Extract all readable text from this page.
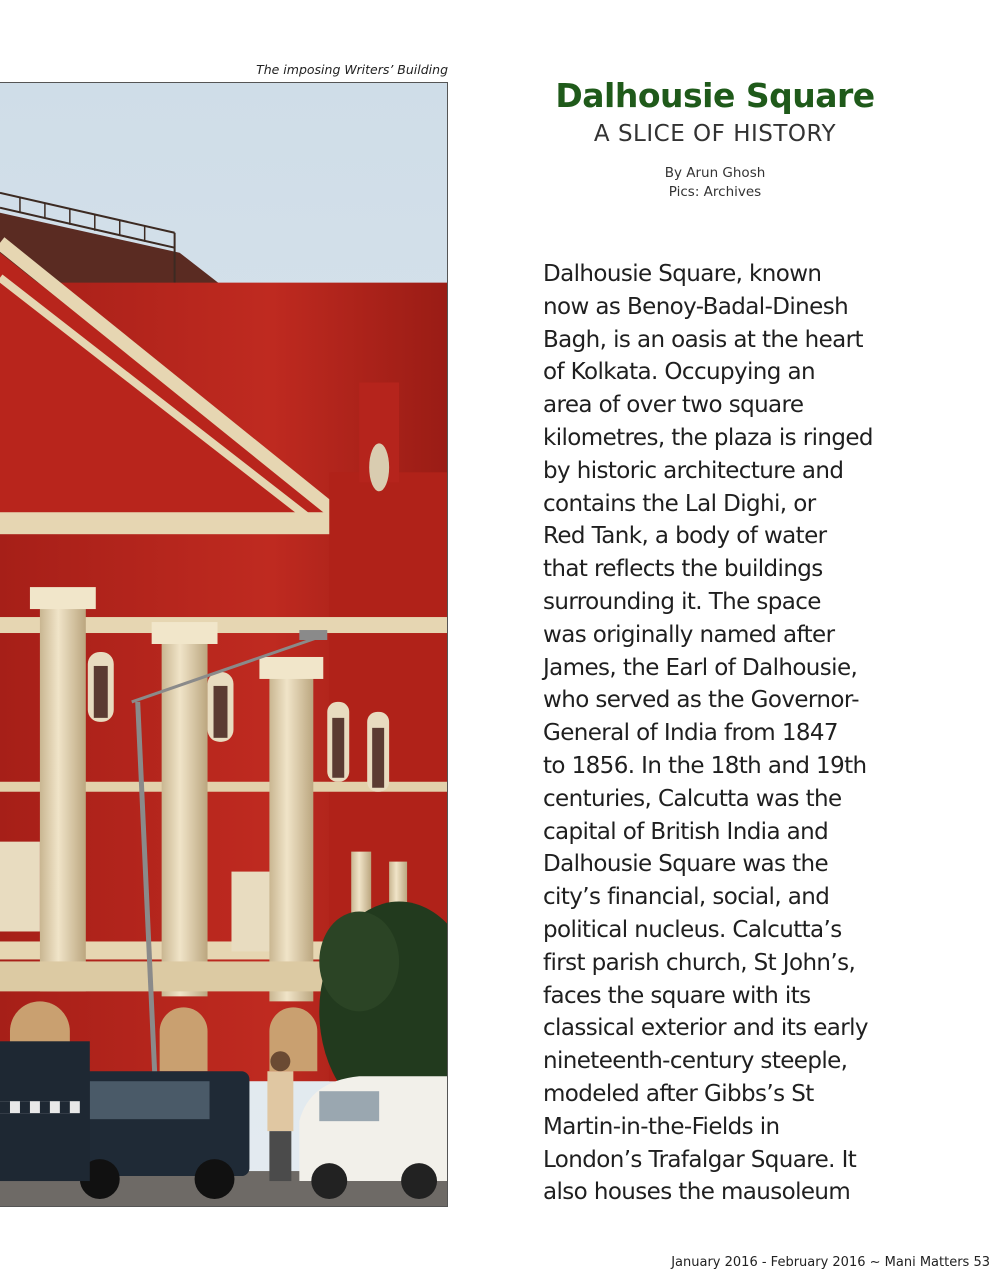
The imposing Writers’ Building
Dalhousie Square
A SLICE OF HISTORY
By Arun Ghosh
Pics: Archives
Dalhousie Square, known
now as Benoy-Badal-Dinesh
Bagh, is an oasis at the heart
of Kolkata. Occupying an
area of over two square
kilometres, the plaza is ringed
by historic architecture and
contains the Lal Dighi, or
Red Tank, a body of water
that reflects the buildings
surrounding it. The space
was originally named after
James, the Earl of Dalhousie,
who served as the Governor-
General of India from 1847
to 1856. In the 18th and 19th
centuries, Calcutta was the
capital of British India and
Dalhousie Square was the
city’s financial, social, and
political nucleus. Calcutta’s
first parish church, St John’s,
faces the square with its
classical exterior and its early
nineteenth-century steeple,
modeled after Gibbs’s St
Martin-in-the-Fields in
London’s Trafalgar Square. It
also houses the mausoleum
January 2016 - February 2016 ~ Mani Matters 53
